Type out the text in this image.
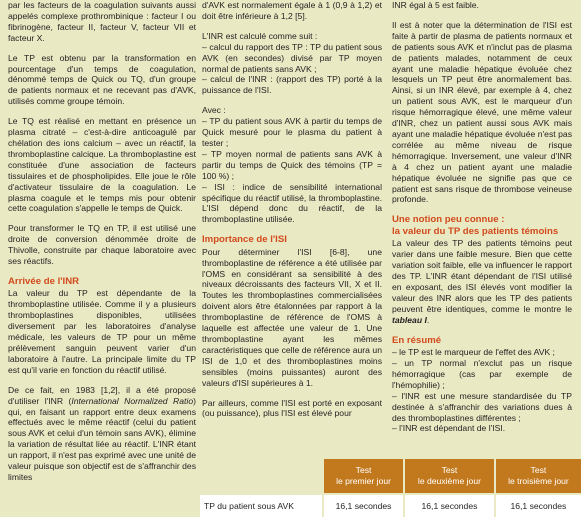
par les facteurs de la coagulation suivants aussi appelés complexe prothrombinique : facteur I ou fibrinogène, facteur II, facteur V, facteur VII et facteur X.

Le TP est obtenu par la transformation en pourcentage d'un temps de coagulation, dénommé temps de Quick ou TQ, d'un groupe de patients normaux et ne recevant pas d'AVK, utilisés comme groupe témoin.

Le TQ est réalisé en mettant en présence un plasma citraté – c'est-à-dire anticoagulé par chélation des ions calcium – avec un réactif, la thromboplastine calcique. La thromboplastine est constituée d'une association de facteurs tissulaires et de phospholipides. Elle joue le rôle d'activateur tissulaire de la coagulation. Le plasma coagule et le temps mis pour obtenir cette coagulation s'appelle le temps de Quick.

Pour transformer le TQ en TP, il est utilisé une droite de conversion dénommée droite de Thivolle, construite par chaque laboratoire avec ses réactifs.

Arrivée de l'INR

La valeur du TP est dépendante de la thromboplastine utilisée. Comme il y a plusieurs thromboplastines disponibles, utilisées diversement par les laboratoires d'analyse médicale, les valeurs de TP pour un même prélèvement sanguin peuvent varier d'un laboratoire à l'autre. La principale limite du TP est qu'il varie en fonction du réactif utilisé.

De ce fait, en 1983 [1,2], il a été proposé d'utiliser l'INR (International Normalized Ratio) qui, en faisant un rapport entre deux examens effectués avec le même réactif (celui du patient sous AVK et celui d'un témoin sans AVK), élimine la variation de résultat liée au réactif. L'INR étant un rapport, il n'est pas exprimé avec une unité de valeur puisque son objectif est de s'affranchir des limites

d'AVK est normalement égale à 1 (0,9 à 1,2) et doit être inférieure à 1,2 [5].

L'INR est calculé comme suit :

– calcul du rapport des TP : TP du patient sous AVK (en secondes) divisé par TP moyen normal de patients sans AVK ;

– calcul de l'INR : (rapport des TP) porté à la puissance de l'ISI.

Avec :

– TP du patient sous AVK à partir du temps de Quick mesuré pour le plasma du patient à tester ;

– TP moyen normal de patients sans AVK à partir du temps de Quick des témoins (TP = 100 %) ;

– ISI : indice de sensibilité international spécifique du réactif utilisé, la thromboplastine. L'ISI dépend donc du réactif, de la thromboplastine utilisée.

Importance de l'ISI

Pour déterminer l'ISI [6-8], une thromboplastine de référence a été utilisée par l'OMS en considérant sa sensibilité à des niveaux décroissants des facteurs VII, X et II. Toutes les thromboplastines commercialisées doivent alors être étalonnées par rapport à la thromboplastine de référence de l'OMS à laquelle est affectée une valeur de 1. Une thromboplastine ayant les mêmes caractéristiques que celle de référence aura un ISI de 1,0 et des thromboplastines moins sensibles (moins puissantes) auront des valeurs d'ISI supérieures à 1.

Par ailleurs, comme l'ISI est porté en exposant (ou puissance), plus l'ISI est élevé pour

INR égal à 5 est faible.

Il est à noter que la détermination de l'ISI est faite à partir de plasma de patients normaux et de patients sous AVK et n'inclut pas de plasma de patients malades, notamment de ceux ayant une maladie hépatique évoluée chez lesquels un TP peut être anormalement bas. Ainsi, si un INR élevé, par exemple à 4, chez un patient sous AVK, est le marqueur d'un risque hémorragique élevé, une même valeur d'INR, chez un patient aussi sous AVK mais ayant une maladie hépatique évoluée n'est pas corrélée au même niveau de risque hémorragique. Inversement, une valeur d'INR à 4 chez un patient ayant une maladie hépatique évoluée ne signifie pas que ce patient est sans risque de thrombose veineuse profonde.

Une notion peu connue :
la valeur du TP des patients témoins

La valeur des TP des patients témoins peut varier dans une faible mesure. Bien que cette variation soit faible, elle va influencer le rapport des TP. L'INR étant dépendant de l'ISI utilisé en exposant, des ISI élevés vont modifier la valeur des INR alors que les TP des patients peuvent être identiques, comme le montre le tableau I.

En résumé

– le TP est le marqueur de l'effet des AVK ;

– un TP normal n'exclut pas un risque hémorragique (cas par exemple de l'hémophilie) ;

– l'INR est une mesure standardisée du TP destinée à s'affranchir des variations dues à des thromboplastines différentes ;

– l'INR est dépendant de l'ISI.

	Test
le premier jour	Test
le deuxième jour	Test
le troisième jour
TP du patient sous AVK	16,1 secondes	16,1 secondes	16,1 secondes
